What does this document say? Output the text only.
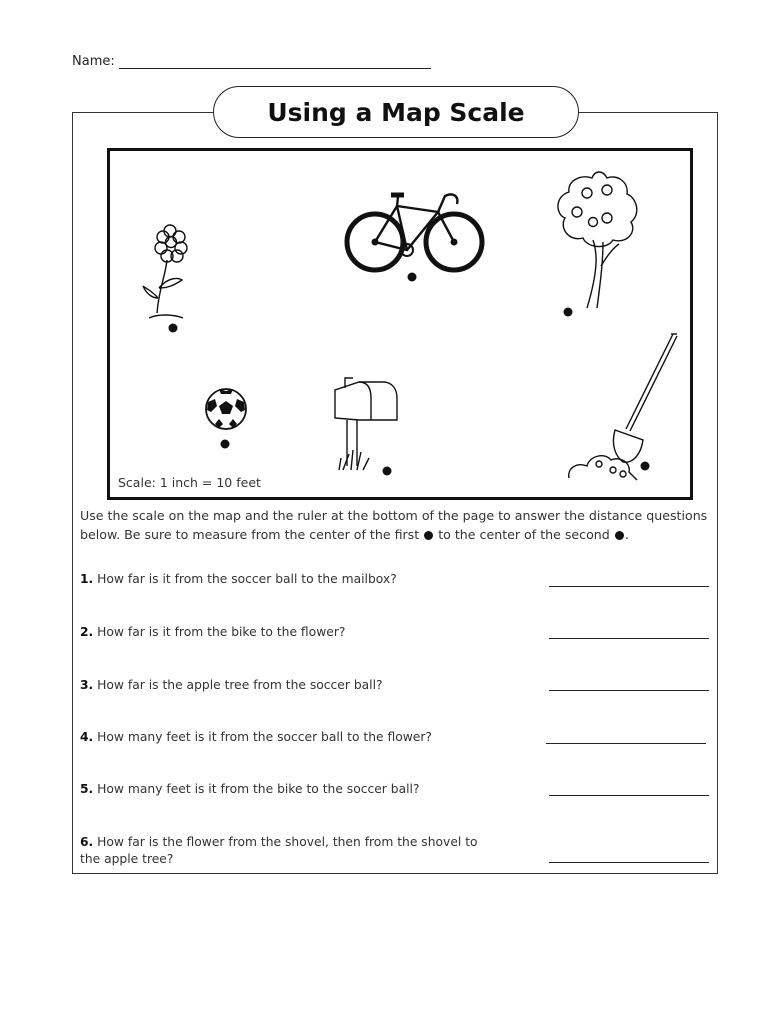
Name:
Using a Map Scale
Scale: 1 inch = 10 feet
Use the scale on the map and the ruler at the bottom of the page to answer the distance questions below. Be sure to measure from the center of the first to the center of the second .
1. How far is it from the soccer ball to the mailbox?
2. How far is it from the bike to the flower?
3. How far is the apple tree from the soccer ball?
4. How many feet is it from the soccer ball to the flower?
5. How many feet is it from the bike to the soccer ball?
6. How far is the flower from the shovel, then from the shovel to the apple tree?
